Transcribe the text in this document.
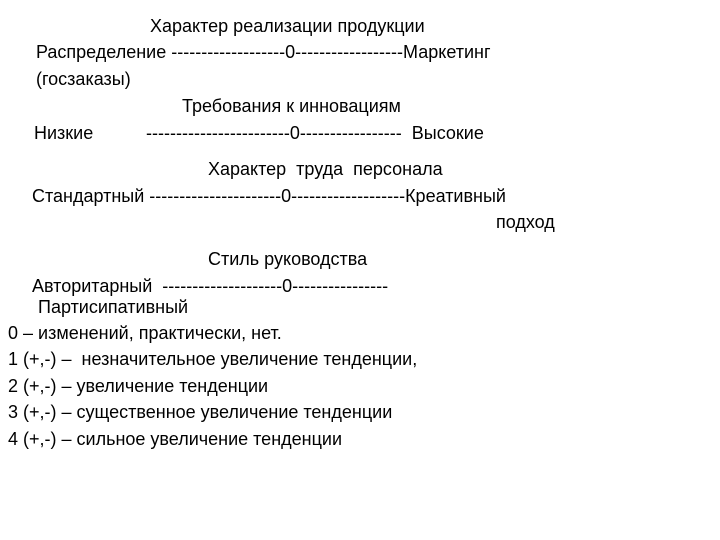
Характер реализации продукции
Распределение -------------------0------------------Маркетинг
(госзаказы)
Требования к инновациям
Низкие	------------------------0-----------------  Высокие
Характер  труда  персонала
Стандартный ----------------------0-------------------Креативный
подход
Стиль руководства
Авторитарный  --------------------0----------------
Партисипативный
0 – изменений, практически, нет.
1 (+,-) –  незначительное увеличение тенденции,
2 (+,-) – увеличение тенденции
3 (+,-) – существенное увеличение тенденции
4 (+,-) – сильное увеличение тенденции
